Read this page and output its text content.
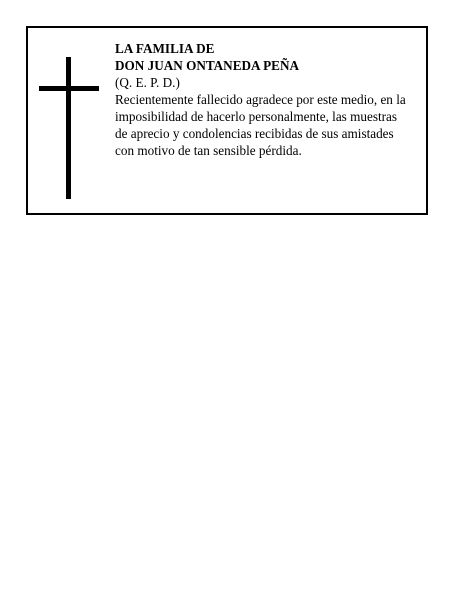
LA FAMILIA DE
DON JUAN ONTANEDA PEÑA
(Q. E. P. D.)
Recientemente fallecido agradece por este medio, en la
imposibilidad de hacerlo personalmente, las muestras
de aprecio y condolencias recibidas de sus amistades
con motivo de tan sensible pérdida.
